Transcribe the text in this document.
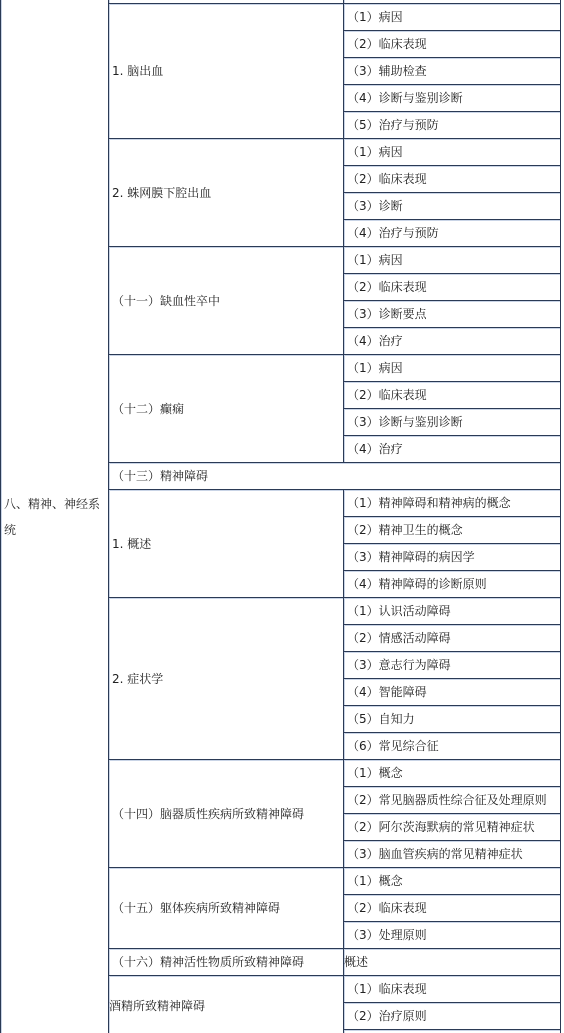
八、精神、神经系统
1. 脑出血
（1）病因
（2）临床表现
（3）辅助检查
（4）诊断与鉴别诊断
（5）治疗与预防
2. 蛛网膜下腔出血
（1）病因
（2）临床表现
（3）诊断
（4）治疗与预防
（十一）缺血性卒中
（1）病因
（2）临床表现
（3）诊断要点
（4）治疗
（十二）癫痫
（1）病因
（2）临床表现
（3）诊断与鉴别诊断
（4）治疗
（十三）精神障碍
1. 概述
（1）精神障碍和精神病的概念
（2）精神卫生的概念
（3）精神障碍的病因学
（4）精神障碍的诊断原则
2. 症状学
（1）认识活动障碍
（2）情感活动障碍
（3）意志行为障碍
（4）智能障碍
（5）自知力
（6）常见综合征
（十四）脑器质性疾病所致精神障碍
（1）概念
（2）常见脑器质性综合征及处理原则
（2）阿尔茨海默病的常见精神症状
（3）脑血管疾病的常见精神症状
（十五）躯体疾病所致精神障碍
（1）概念
（2）临床表现
（3）处理原则
（十六）精神活性物质所致精神障碍	概述
酒精所致精神障碍
（1）临床表现
（2）治疗原则
